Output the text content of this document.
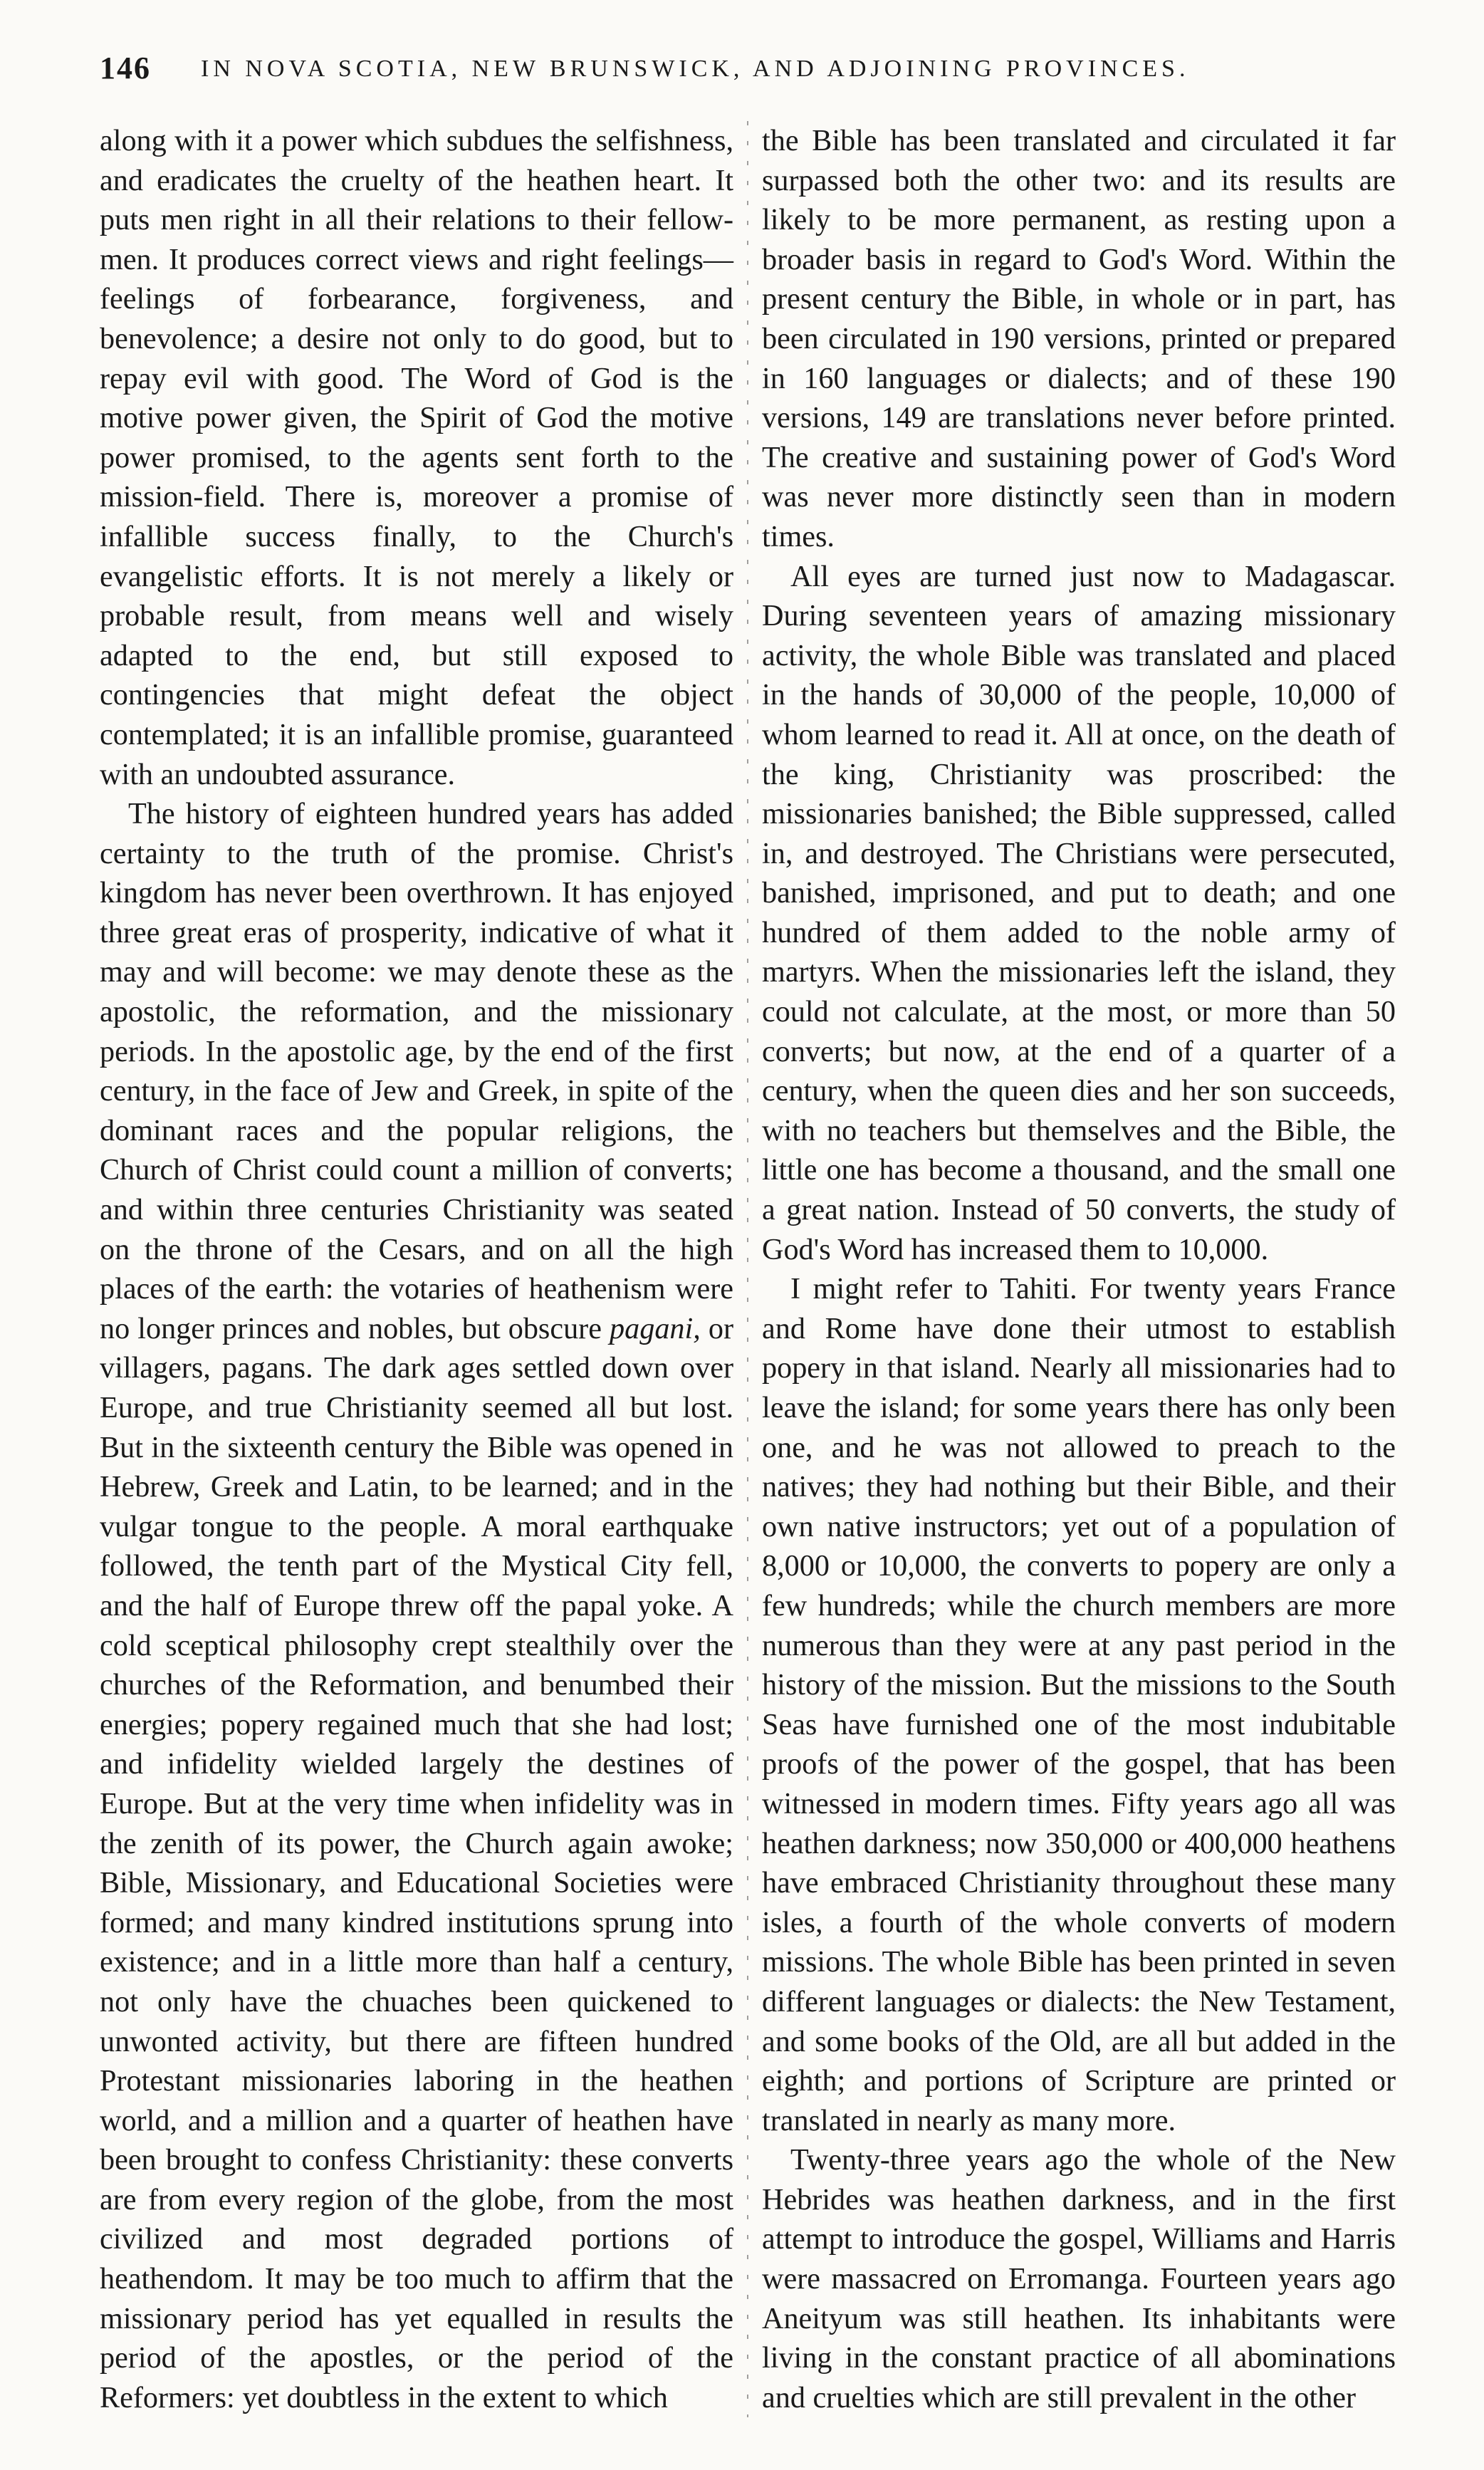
146 IN NOVA SCOTIA, NEW BRUNSWICK, AND ADJOINING PROVINCES.

along with it a power which subdues the selfishness, and eradicates the cruelty of the heathen heart. It puts men right in all their relations to their fellow-men. It produces correct views and right feelings—feelings of forbearance, forgiveness, and benevolence; a desire not only to do good, but to repay evil with good. The Word of God is the motive power given, the Spirit of God the motive power promised, to the agents sent forth to the mission-field. There is, moreover a promise of infallible success finally, to the Church's evangelistic efforts. It is not merely a likely or probable result, from means well and wisely adapted to the end, but still exposed to contingencies that might defeat the object contemplated; it is an infallible promise, guaranteed with an undoubted assurance.

The history of eighteen hundred years has added certainty to the truth of the promise. Christ's kingdom has never been overthrown. It has enjoyed three great eras of prosperity, indicative of what it may and will become: we may denote these as the apostolic, the reformation, and the missionary periods. In the apostolic age, by the end of the first century, in the face of Jew and Greek, in spite of the dominant races and the popular religions, the Church of Christ could count a million of converts; and within three centuries Christianity was seated on the throne of the Cesars, and on all the high places of the earth: the votaries of heathenism were no longer princes and nobles, but obscure pagani, or villagers, pagans. The dark ages settled down over Europe, and true Christianity seemed all but lost. But in the sixteenth century the Bible was opened in Hebrew, Greek and Latin, to be learned; and in the vulgar tongue to the people. A moral earthquake followed, the tenth part of the Mystical City fell, and the half of Europe threw off the papal yoke. A cold sceptical philosophy crept stealthily over the churches of the Reformation, and benumbed their energies; popery regained much that she had lost; and infidelity wielded largely the destines of Europe. But at the very time when infidelity was in the zenith of its power, the Church again awoke; Bible, Missionary, and Educational Societies were formed; and many kindred institutions sprung into existence; and in a little more than half a century, not only have the chuaches been quickened to unwonted activity, but there are fifteen hundred Protestant missionaries laboring in the heathen world, and a million and a quarter of heathen have been brought to confess Christianity: these converts are from every region of the globe, from the most civilized and most degraded portions of heathendom. It may be too much to affirm that the missionary period has yet equalled in results the period of the apostles, or the period of the Reformers: yet doubtless in the extent to which

the Bible has been translated and circulated it far surpassed both the other two: and its results are likely to be more permanent, as resting upon a broader basis in regard to God's Word. Within the present century the Bible, in whole or in part, has been circulated in 190 versions, printed or prepared in 160 languages or dialects; and of these 190 versions, 149 are translations never before printed. The creative and sustaining power of God's Word was never more distinctly seen than in modern times.

All eyes are turned just now to Madagascar. During seventeen years of amazing missionary activity, the whole Bible was translated and placed in the hands of 30,000 of the people, 10,000 of whom learned to read it. All at once, on the death of the king, Christianity was proscribed: the missionaries banished; the Bible suppressed, called in, and destroyed. The Christians were persecuted, banished, imprisoned, and put to death; and one hundred of them added to the noble army of martyrs. When the missionaries left the island, they could not calculate, at the most, or more than 50 converts; but now, at the end of a quarter of a century, when the queen dies and her son succeeds, with no teachers but themselves and the Bible, the little one has become a thousand, and the small one a great nation. Instead of 50 converts, the study of God's Word has increased them to 10,000.

I might refer to Tahiti. For twenty years France and Rome have done their utmost to establish popery in that island. Nearly all missionaries had to leave the island; for some years there has only been one, and he was not allowed to preach to the natives; they had nothing but their Bible, and their own native instructors; yet out of a population of 8,000 or 10,000, the converts to popery are only a few hundreds; while the church members are more numerous than they were at any past period in the history of the mission. But the missions to the South Seas have furnished one of the most indubitable proofs of the power of the gospel, that has been witnessed in modern times. Fifty years ago all was heathen darkness; now 350,000 or 400,000 heathens have embraced Christianity throughout these many isles, a fourth of the whole converts of modern missions. The whole Bible has been printed in seven different languages or dialects: the New Testament, and some books of the Old, are all but added in the eighth; and portions of Scripture are printed or translated in nearly as many more.

Twenty-three years ago the whole of the New Hebrides was heathen darkness, and in the first attempt to introduce the gospel, Williams and Harris were massacred on Erromanga. Fourteen years ago Aneityum was still heathen. Its inhabitants were living in the constant practice of all abominations and cruelties which are still prevalent in the other
